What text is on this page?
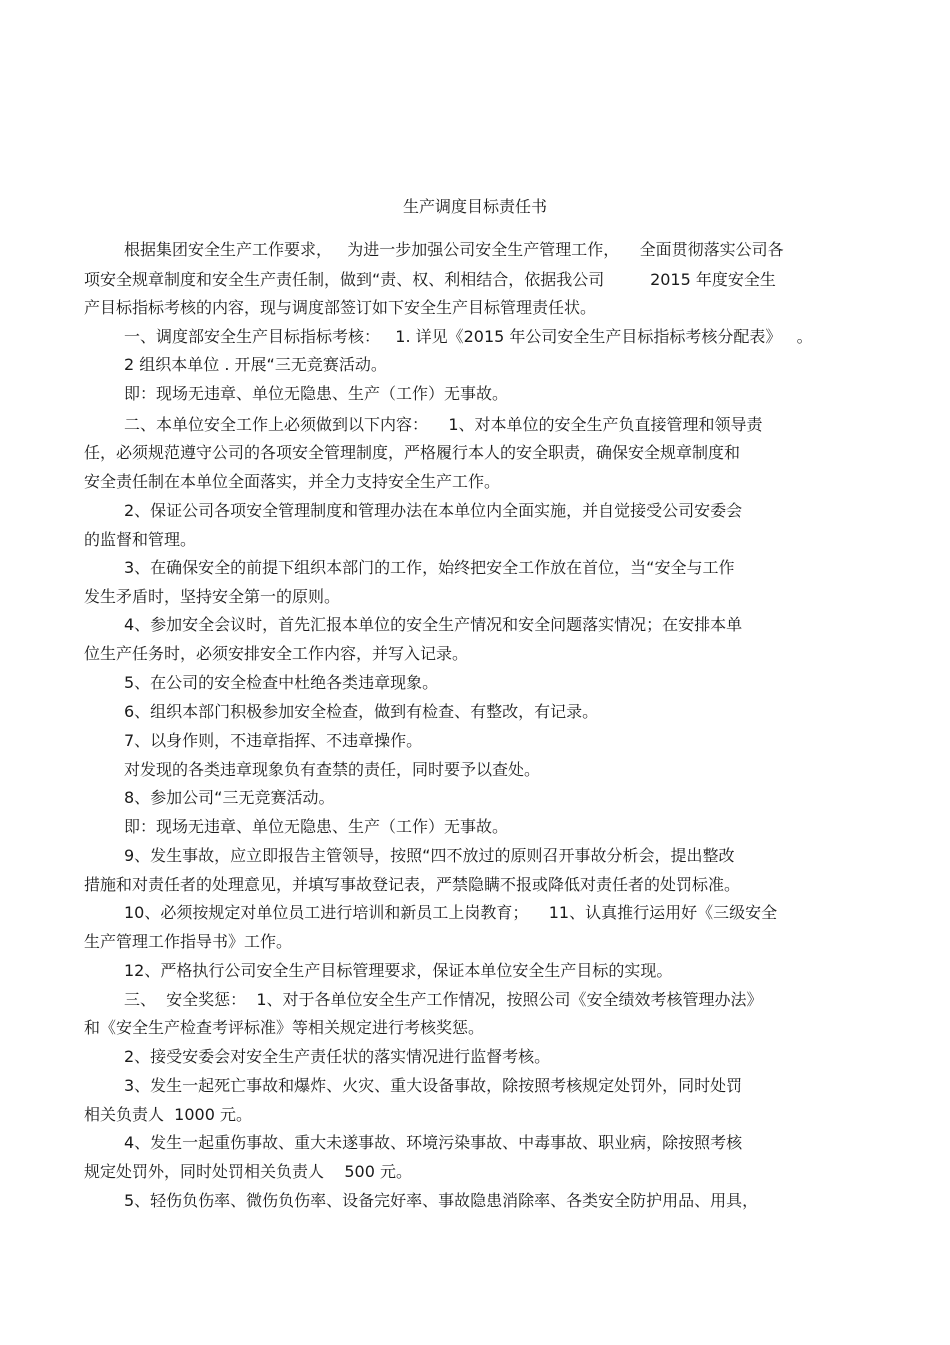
生产调度目标责任书
根据集团安全生产工作要求，   为进一步加强公司安全生产管理工作，    全面贯彻落实公司各
项安全规章制度和安全生产责任制，做到“责、权、利相结合，依据我公司         2015 年度安全生
产目标指标考核的内容，现与调度部签订如下安全生产目标管理责任状。
一、调度部安全生产目标指标考核：   1. 详见《2015 年公司安全生产目标指标考核分配表》   。
2 组织本单位 . 开展“三无竞赛活动。
即：现场无违章、单位无隐患、生产（工作）无事故。
二、本单位安全工作上必须做到以下内容：    1、对本单位的安全生产负直接管理和领导责
任，必须规范遵守公司的各项安全管理制度，严格履行本人的安全职责，确保安全规章制度和
安全责任制在本单位全面落实，并全力支持安全生产工作。
2、保证公司各项安全管理制度和管理办法在本单位内全面实施，并自觉接受公司安委会
的监督和管理。
3、在确保安全的前提下组织本部门的工作，始终把安全工作放在首位，当“安全与工作
发生矛盾时，坚持安全第一的原则。
4、参加安全会议时，首先汇报本单位的安全生产情况和安全问题落实情况；在安排本单
位生产任务时，必须安排安全工作内容，并写入记录。
5、在公司的安全检查中杜绝各类违章现象。
6、组织本部门积极参加安全检查，做到有检查、有整改，有记录。
7、以身作则，不违章指挥、不违章操作。
对发现的各类违章现象负有查禁的责任，同时要予以查处。
8、参加公司“三无竞赛活动。
即：现场无违章、单位无隐患、生产（工作）无事故。
9、发生事故，应立即报告主管领导，按照“四不放过的原则召开事故分析会，提出整改
措施和对责任者的处理意见，并填写事故登记表，严禁隐瞒不报或降低对责任者的处罚标准。
10、必须按规定对单位员工进行培训和新员工上岗教育；    11、认真推行运用好《三级安全
生产管理工作指导书》工作。
12、严格执行公司安全生产目标管理要求，保证本单位安全生产目标的实现。
三、  安全奖惩：  1、对于各单位安全生产工作情况，按照公司《安全绩效考核管理办法》
和《安全生产检查考评标准》等相关规定进行考核奖惩。
2、接受安委会对安全生产责任状的落实情况进行监督考核。
3、发生一起死亡事故和爆炸、火灾、重大设备事故，除按照考核规定处罚外，同时处罚
相关负责人  1000 元。
4、发生一起重伤事故、重大未遂事故、环境污染事故、中毒事故、职业病，除按照考核
规定处罚外，同时处罚相关负责人    500 元。
5、轻伤负伤率、微伤负伤率、设备完好率、事故隐患消除率、各类安全防护用品、用具，
